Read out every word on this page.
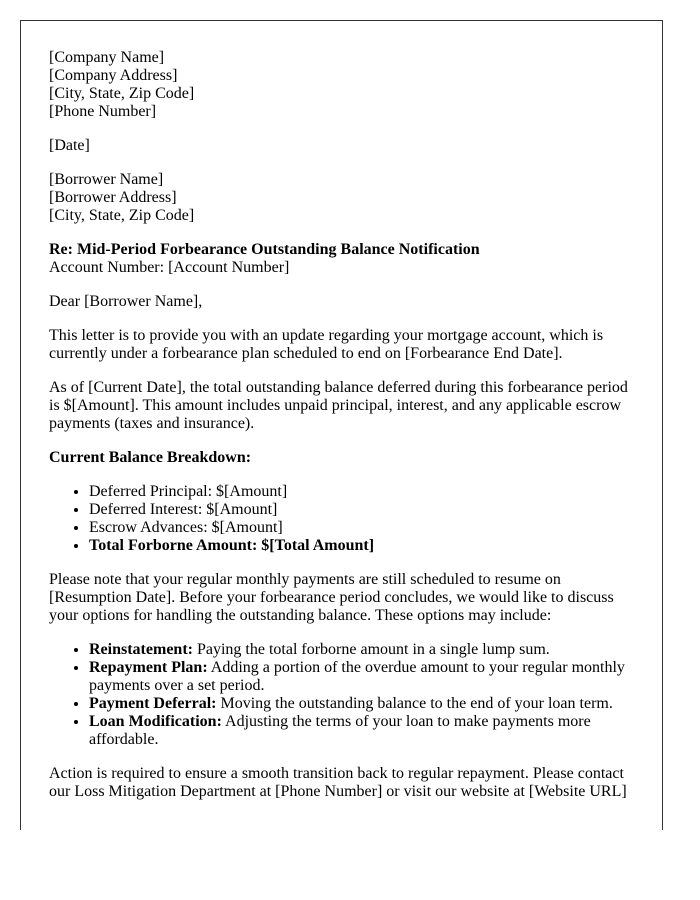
[Company Name]
[Company Address]
[City, State, Zip Code]
[Phone Number]

[Date]

[Borrower Name]
[Borrower Address]
[City, State, Zip Code]

Re: Mid-Period Forbearance Outstanding Balance Notification
Account Number: [Account Number]

Dear [Borrower Name],

This letter is to provide you with an update regarding your mortgage account, which is currently under a forbearance plan scheduled to end on [Forbearance End Date].

As of [Current Date], the total outstanding balance deferred during this forbearance period is $[Amount]. This amount includes unpaid principal, interest, and any applicable escrow payments (taxes and insurance).

Current Balance Breakdown:

• Deferred Principal: $[Amount]
• Deferred Interest: $[Amount]
• Escrow Advances: $[Amount]
• Total Forborne Amount: $[Total Amount]

Please note that your regular monthly payments are still scheduled to resume on [Resumption Date]. Before your forbearance period concludes, we would like to discuss your options for handling the outstanding balance. These options may include:

• Reinstatement: Paying the total forborne amount in a single lump sum.
• Repayment Plan: Adding a portion of the overdue amount to your regular monthly payments over a set period.
• Payment Deferral: Moving the outstanding balance to the end of your loan term.
• Loan Modification: Adjusting the terms of your loan to make payments more affordable.

Action is required to ensure a smooth transition back to regular repayment. Please contact our Loss Mitigation Department at [Phone Number] or visit our website at [Website URL]
